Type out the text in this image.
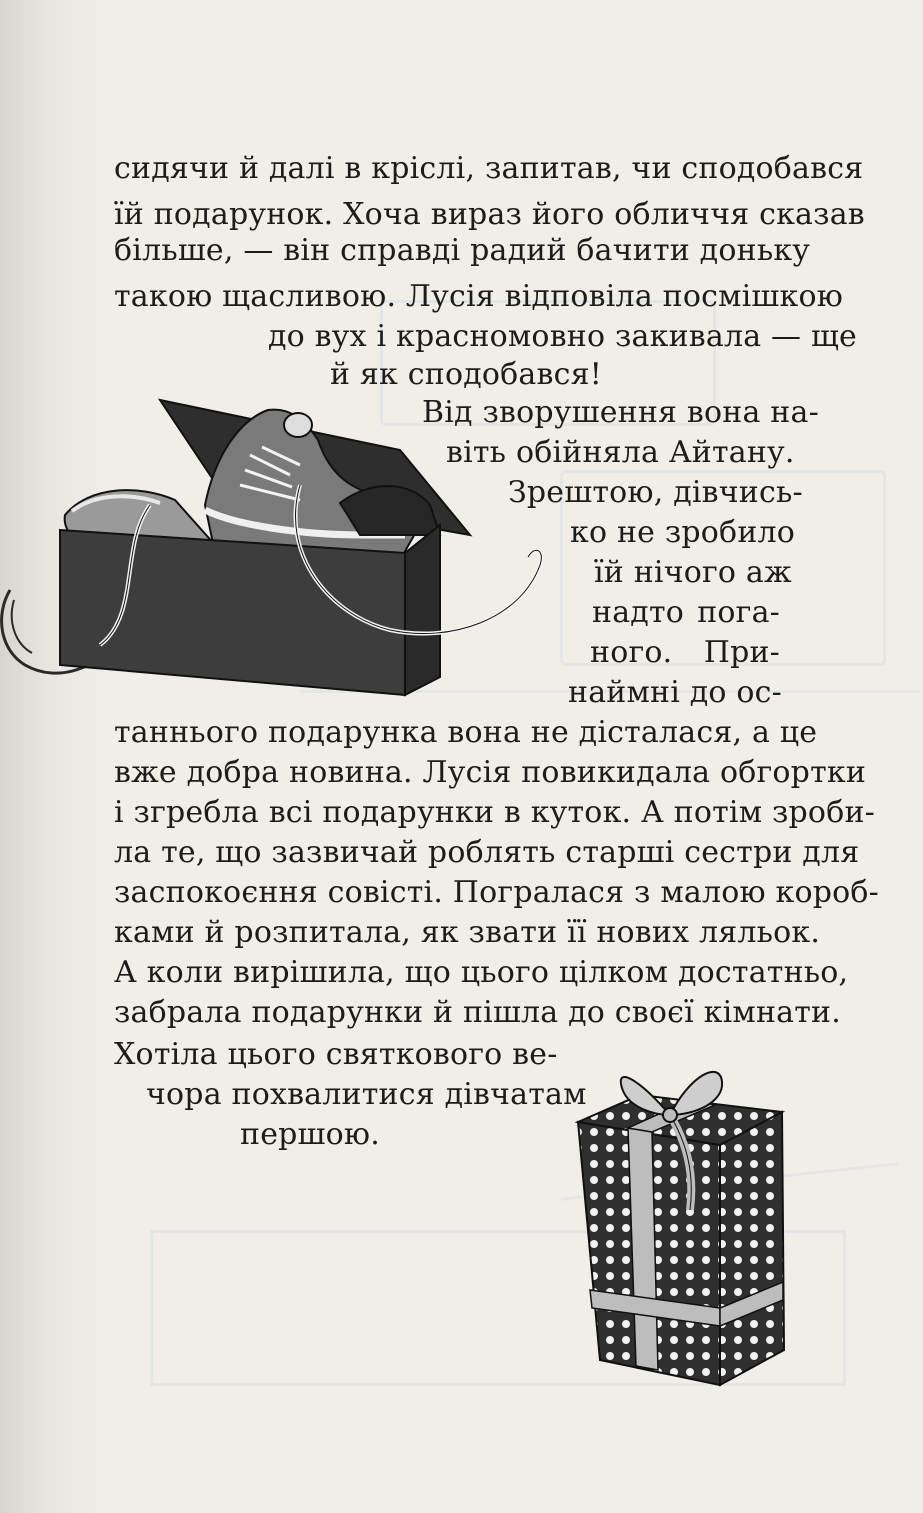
сидячи й далі в кріслі, запитав, чи сподобався
їй подарунок. Хоча вираз його обличчя сказав
більше, — він справді радий бачити доньку
такою щасливою. Лусія відповіла посмішкою
до вух і красномовно закивала — ще
й як сподобався!
Від зворушення вона на-
віть обійняла Айтану.
Зрештою, дівчись-
ко не зробило
їй нічого аж
надто пога-
ного. При-
наймні до ос-
таннього подарунка вона не дісталася, а це
вже добра новина. Лусія повикидала обгортки
і згребла всі подарунки в куток. А потім зроби-
ла те, що зазвичай роблять старші сестри для
заспокоєння совісті. Погралася з малою короб-
ками й розпитала, як звати її нових ляльок.
А коли вирішила, що цього цілком достатньо,
забрала подарунки й пішла до своєї кімнати.
Хотіла цього святкового ве-
чора похвалитися дівчатам
першою.
